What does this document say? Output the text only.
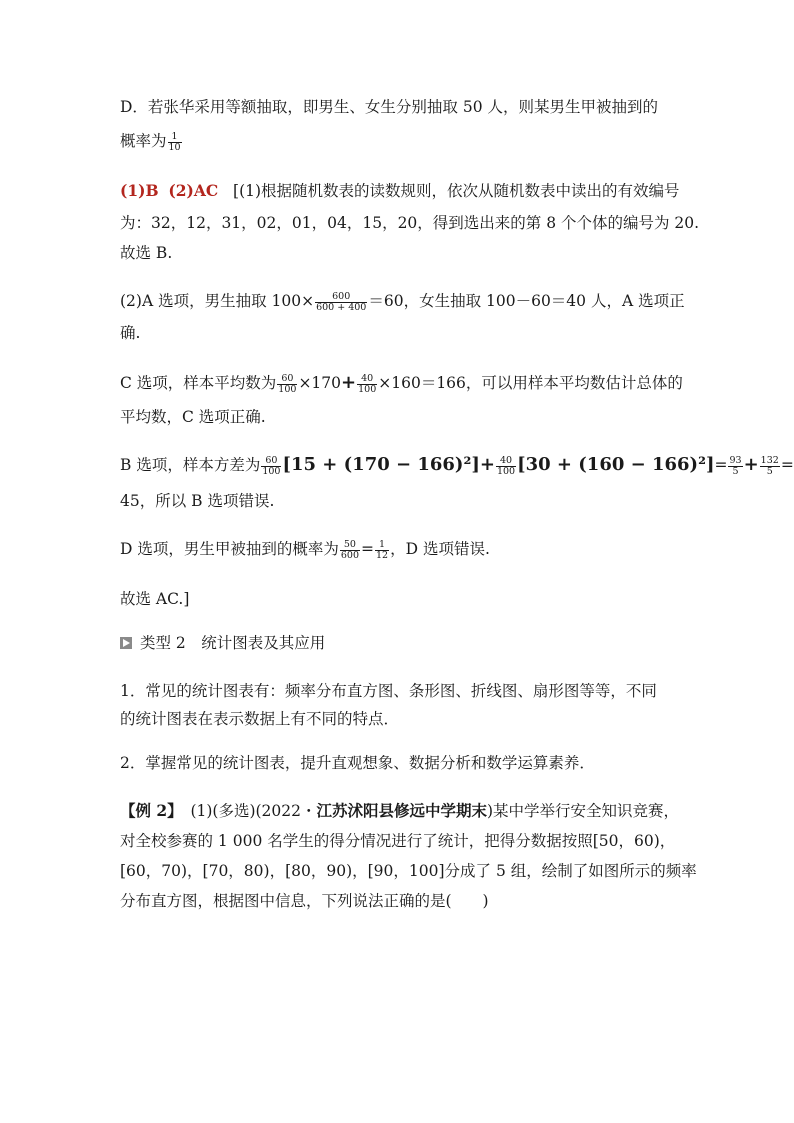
D．若张华采用等额抽取，即男生、女生分别抽取 50 人，则某男生甲被抽到的
概率为 $\frac{1}{10}$
(1)B (2)AC [(1)根据随机数表的读数规则，依次从随机数表中读出的有效编号
为：32，12，31，02，01，04，15，20，得到选出来的第 8 个个体的编号为 20.
故选 B.
(2)A 选项，男生抽取 $100\times \frac{600}{600 + 400} =60$，女生抽取 100－60＝40 人，A 选项正
确.
C 选项，样本平均数为 $\frac{60}{100} \times 170+ \frac{40}{100} \times 160=166$，可以用样本平均数估计总体的
平均数，C 选项正确.
B 选项，样本方差为 $\frac{60}{100} [15 + (170 - 166)^2]+ \frac{40}{100} [30 + (160 - 166)^2]= \frac{93}{5} + \frac{132}{5}$ =
45，所以 B 选项错误.
D 选项，男生甲被抽到的概率为 $\frac{50}{600} = \frac{1}{12}$ ，D 选项错误.
故选 AC.]
类型 2　统计图表及其应用
1．常见的统计图表有：频率分布直方图、条形图、折线图、扇形图等等，不同
的统计图表在表示数据上有不同的特点．
2．掌握常见的统计图表，提升直观想象、数据分析和数学运算素养．
【例 2】　(1)(多选)(2022・江苏沭阳县修远中学期末)某中学举行安全知识竞赛，
对全校参赛的 1 000 名学生的得分情况进行了统计，把得分数据按照[50，60)，
[60，70)，[70，80)，[80，90)，[90，100]分成了 5 组，绘制了如图所示的频率
分布直方图，根据图中信息，下列说法正确的是(　　)
